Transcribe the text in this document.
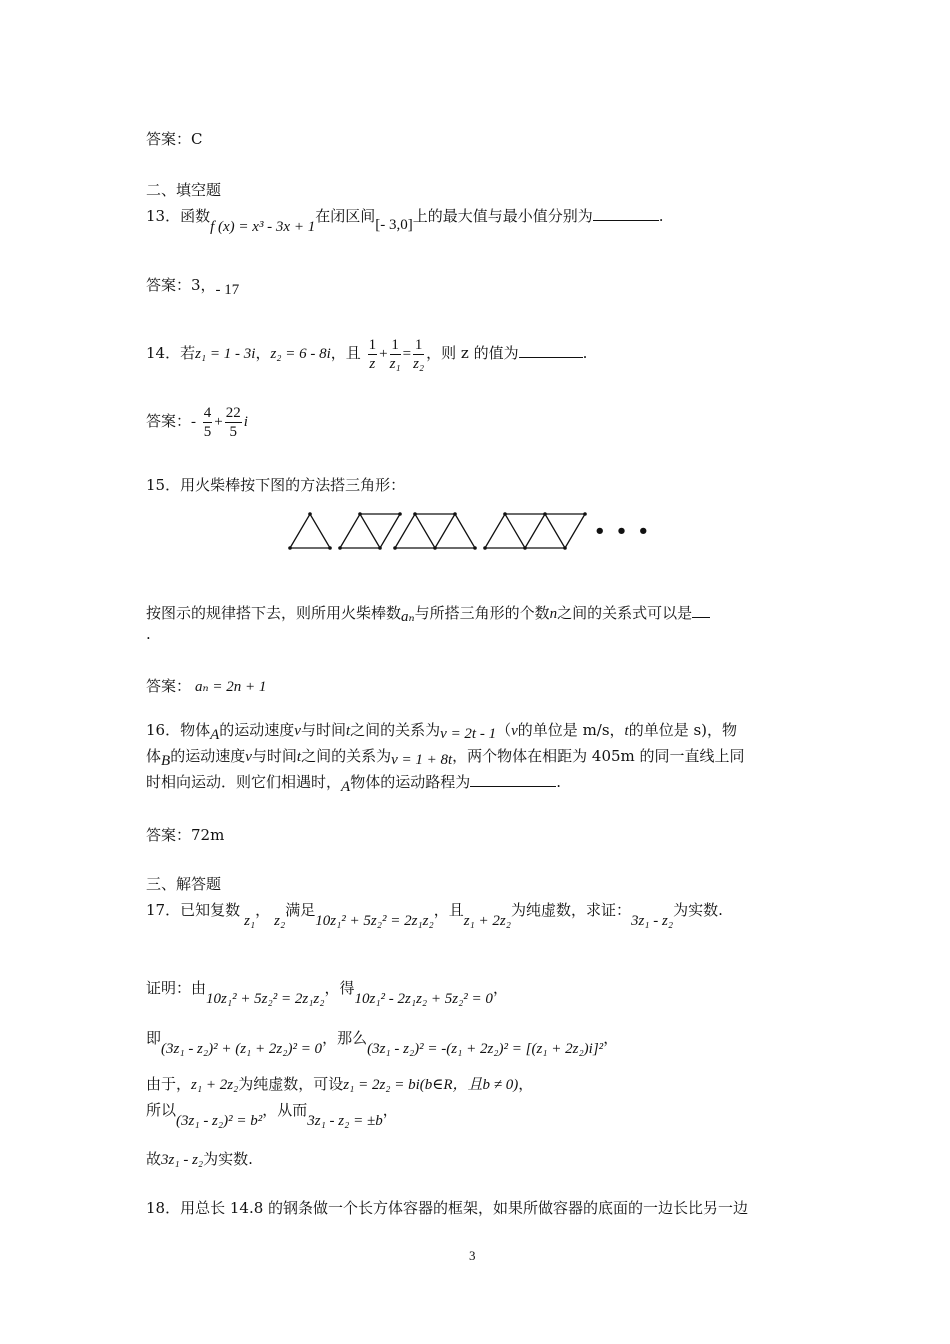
答案：C
二、填空题
13．函数f (x) = x³ - 3x + 1在闭区间[- 3,0]上的最大值与最小值分别为	.
答案：3，- 17
14．若z₁ = 1 - 3i，z₂ = 6 - 8i，且 $\frac{1}{z} + \frac{1}{\text{z₁}} = \frac{1}{\text{z₂}}$ ，则 z 的值为	.
答案：- $\frac{4}{5} + \frac{22}{5}$ i
15．用火柴棒按下图的方法搭三角形：
• • •
按图示的规律搭下去，则所用火柴棒数aₙ与所搭三角形的个数n之间的关系式可以是
.
答案： aₙ = 2n + 1
16．物体A的运动速度v与时间t之间的关系为v = 2t - 1（v的单位是 m/s，t的单位是 s)，物
体B的运动速度v与时间t之间的关系为v = 1 + 8t，两个物体在相距为 405m 的同一直线上同
时相向运动．则它们相遇时，A物体的运动路程为	.
答案：72m
三、解答题
17．已知复数z₁，z₂满足10z₁² + 5z₂² = 2z₁z₂，且z₁ + 2z₂为纯虚数，求证：3z₁ - z₂为实数.
证明：由10z₁² + 5z₂² = 2z₁z₂，得10z₁² - 2z₁z₂ + 5z₂² = 0，
即(3z₁ - z₂)² + (z₁ + 2z₂)² = 0，那么(3z₁ - z₂)² = -(z₁ + 2z₂)² = [(z₁ + 2z₂)i]²，
由于，z₁ + 2z₂为纯虚数，可设z₁ = 2z₂ = bi(b∈R，且b ≠ 0)，
所以(3z₁ - z₂)² = b²，从而3z₁ - z₂ = ±b，
故3z₁ - z₂为实数.
18．用总长 14.8 的钢条做一个长方体容器的框架，如果所做容器的底面的一边长比另一边
3
